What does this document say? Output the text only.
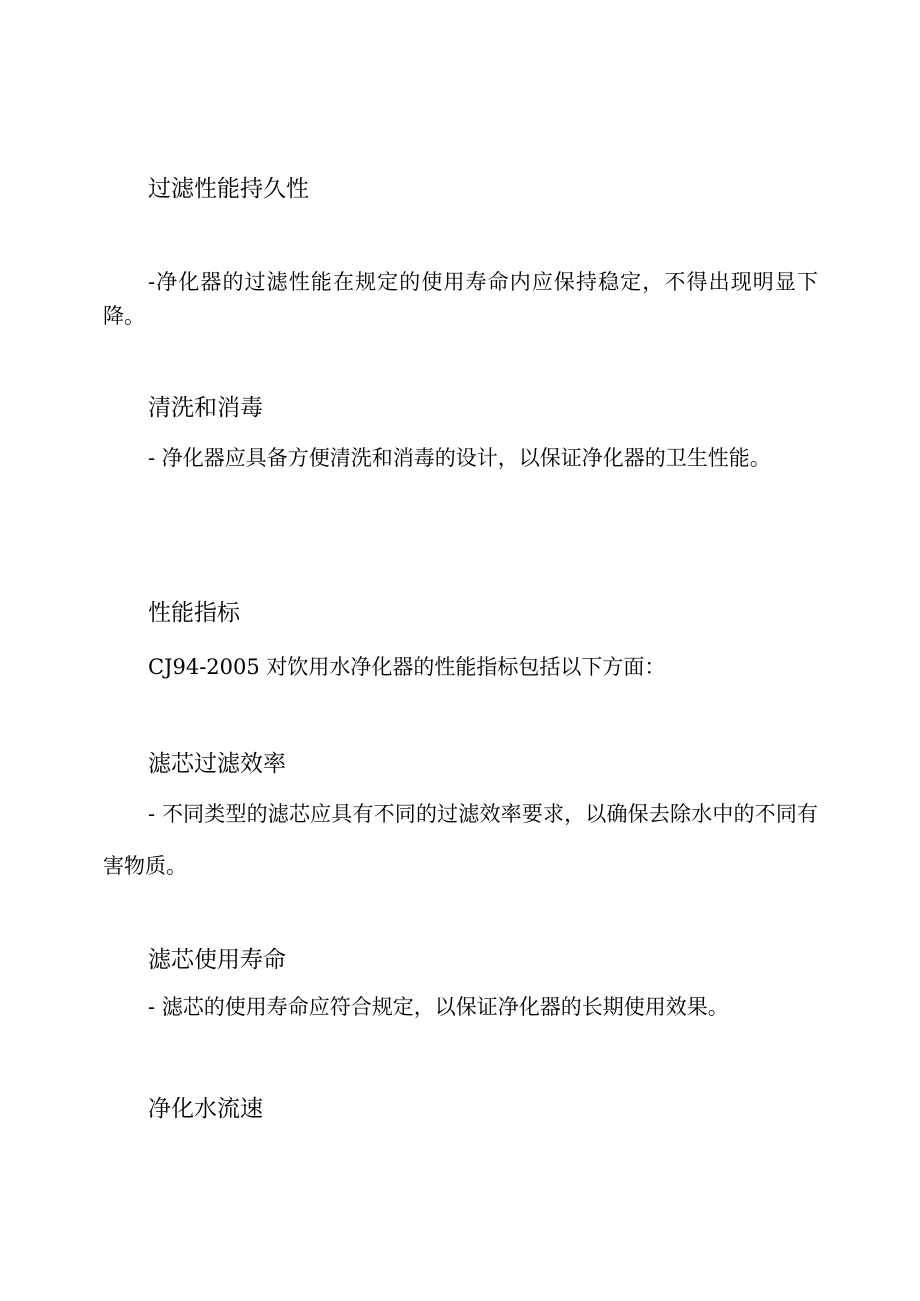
过滤性能持久性

-净化器的过滤性能在规定的使用寿命内应保持稳定，不得出现明显下降。

清洗和消毒

- 净化器应具备方便清洗和消毒的设计，以保证净化器的卫生性能。

性能指标

CJ94-2005 对饮用水净化器的性能指标包括以下方面：

滤芯过滤效率

- 不同类型的滤芯应具有不同的过滤效率要求，以确保去除水中的不同有害物质。

滤芯使用寿命

- 滤芯的使用寿命应符合规定，以保证净化器的长期使用效果。

净化水流速
